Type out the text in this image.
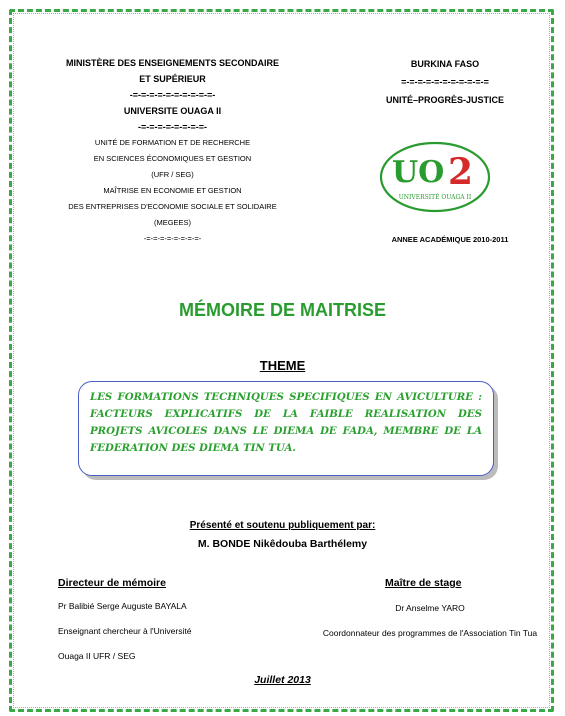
MINISTÈRE DES ENSEIGNEMENTS SECONDAIRE
ET SUPÉRIEUR
-=-=-=-=-=-=-=-=-=-=-
UNIVERSITE OUAGA II
-=-=-=-=-=-=-=-=-
UNITÉ DE FORMATION ET DE RECHERCHE
EN SCIENCES ÉCONOMIQUES ET GESTION
(UFR / SEG)
MAÎTRISE EN ECONOMIE ET GESTION
DES ENTREPRISES D'ECONOMIE SOCIALE ET SOLIDAIRE
(MEGEES)
-=-=-=-=-=-=-=-=-
BURKINA FASO
=-=-=-=-=-=-=-=-=-=-=
UNITÉ–PROGRÈS-JUSTICE
UO 2
UNIVERSITÉ OUAGA II
ANNEE ACADÉMIQUE 2010-2011
MÉMOIRE DE MAITRISE
THEME
LES FORMATIONS TECHNIQUES SPECIFIQUES EN AVICULTURE : FACTEURS EXPLICATIFS DE LA FAIBLE REALISATION DES PROJETS AVICOLES DANS LE DIEMA DE FADA, MEMBRE DE LA FEDERATION DES DIEMA TIN TUA.
Présenté et soutenu publiquement par:
M. BONDE Nikêdouba Barthélemy
Directeur de mémoire	Maître de stage
Pr Balibié Serge Auguste BAYALA
Enseignant chercheur à l'Université
Ouaga II UFR / SEG
Dr Anselme YARO
Coordonnateur des programmes de l'Association Tin Tua
Juillet 2013
